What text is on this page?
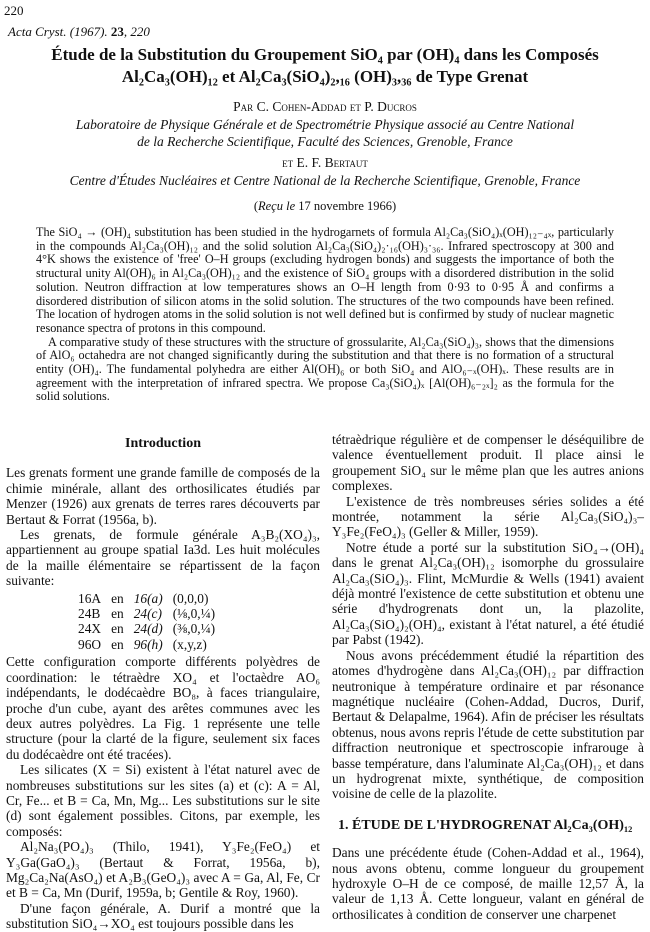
220
Acta Cryst. (1967). 23, 220
Étude de la Substitution du Groupement SiO₄ par (OH)₄ dans les Composés
Al₂Ca₃(OH)₁₂ et Al₂Ca₃(SiO₄)₂,₁₆ (OH)₃,₃₆ de Type Grenat
Par C. Cohen-Addad et P. Ducros
Laboratoire de Physique Générale et de Spectrométrie Physique associé au Centre National
de la Recherche Scientifique, Faculté des Sciences, Grenoble, France
et E. F. Bertaut
Centre d'Études Nucléaires et Centre National de la Recherche Scientifique, Grenoble, France
(Reçu le 17 novembre 1966)

The SiO₄ → (OH)₄ substitution has been studied in the hydrogarnets of formula Al₂Ca₃(SiO₄)ₓ(OH)₁₂₋₄ₓ, particularly in the compounds Al₂Ca₃(OH)₁₂ and the solid solution Al₂Ca₃(SiO₄)₂·₁₆(OH)₃·₃₆. Infrared spectroscopy at 300 and 4°K shows the existence of 'free' O–H groups (excluding hydrogen bonds) and suggests the importance of both the structural unity Al(OH)₆ in Al₂Ca₃(OH)₁₂ and the existence of SiO₄ groups with a disordered distribution in the solid solution. Neutron diffraction at low temperatures shows an O–H length from 0·93 to 0·95 Å and confirms a disordered distribution of silicon atoms in the solid solution. The structures of the two compounds have been refined. The location of hydrogen atoms in the solid solution is not well defined but is confirmed by study of nuclear magnetic resonance spectra of protons in this compound.

A comparative study of these structures with the structure of grossularite, Al₂Ca₃(SiO₄)₃, shows that the dimensions of AlO₆ octahedra are not changed significantly during the substitution and that there is no formation of a structural entity (OH)₄. The fundamental polyhedra are either Al(OH)₆ or both SiO₄ and AlO₆₋ₓ(OH)ₓ. These results are in agreement with the interpretation of infrared spectra. We propose Ca₃(SiO₄)ₓ [Al(OH)₆₋₂ₓ]₂ as the formula for the solid solutions.

Introduction

Les grenats forment une grande famille de composés de la chimie minérale, allant des orthosilicates étudiés par Menzer (1926) aux grenats de terres rares découverts par Bertaut & Forrat (1956a, b).

Les grenats, de formule générale A₃B₂(XO₄)₃, appartiennent au groupe spatial Ia3d. Les huit molécules de la maille élémentaire se répartissent de la façon suivante:

16A	en	16(a)	(0,0,0)
24B	en	24(c)	(⅛,0,¼)
24X	en	24(d)	(⅜,0,¼)
96O	en	96(h)	(x,y,z)

Cette configuration comporte différents polyèdres de coordination: le tétraèdre XO₄ et l'octaèdre AO₆ indépendants, le dodécaèdre BO₈, à faces triangulaire, proche d'un cube, ayant des arêtes communes avec les deux autres polyèdres. La Fig. 1 représente une telle structure (pour la clarté de la figure, seulement six faces du dodécaèdre ont été tracées).

Les silicates (X = Si) existent à l'état naturel avec de nombreuses substitutions sur les sites (a) et (c): A = Al, Cr, Fe... et B = Ca, Mn, Mg... Les substitutions sur le site (d) sont également possibles. Citons, par exemple, les composés:

Al₂Na₃(PO₄)₃ (Thilo, 1941), Y₃Fe₂(FeO₄) et Y₃Ga(GaO₄)₃ (Bertaut & Forrat, 1956a, b), Mg₂Ca₂Na(AsO₄) et A₂B₃(GeO₄)₃ avec A = Ga, Al, Fe, Cr et B = Ca, Mn (Durif, 1959a, b; Gentile & Roy, 1960).

D'une façon générale, A. Durif a montré que la substitution SiO₄→XO₄ est toujours possible dans les

tétraèdrique régulière et de compenser le déséquilibre de valence éventuellement produit. Il place ainsi le groupement SiO₄ sur le même plan que les autres anions complexes.

L'existence de très nombreuses séries solides a été montrée, notamment la série Al₂Ca₃(SiO₄)₃–Y₃Fe₂(FeO₄)₃ (Geller & Miller, 1959).

Notre étude a porté sur la substitution SiO₄→(OH)₄ dans le grenat Al₂Ca₃(OH)₁₂ isomorphe du grossulaire Al₂Ca₃(SiO₄)₃. Flint, McMurdie & Wells (1941) avaient déjà montré l'existence de cette substitution et obtenu une série d'hydrogrenats dont un, la plazolite, Al₂Ca₃(SiO₄)₂(OH)₄, existant à l'état naturel, a été étudié par Pabst (1942).

Nous avons précédemment étudié la répartition des atomes d'hydrogène dans Al₂Ca₃(OH)₁₂ par diffraction neutronique à température ordinaire et par résonance magnétique nucléaire (Cohen-Addad, Ducros, Durif, Bertaut & Delapalme, 1964). Afin de préciser les résultats obtenus, nous avons repris l'étude de cette substitution par diffraction neutronique et spectroscopie infrarouge à basse température, dans l'aluminate Al₂Ca₃(OH)₁₂ et dans un hydrogrenat mixte, synthétique, de composition voisine de celle de la plazolite.

1. ÉTUDE DE L'HYDROGRENAT Al₂Ca₃(OH)₁₂

Dans une précédente étude (Cohen-Addad et al., 1964), nous avons obtenu, comme longueur du groupement hydroxyle O–H de ce composé, de maille 12,57 Å, la valeur de 1,13 Å. Cette longueur, valant en général de orthosilicates à condition de conserver une charpenet
